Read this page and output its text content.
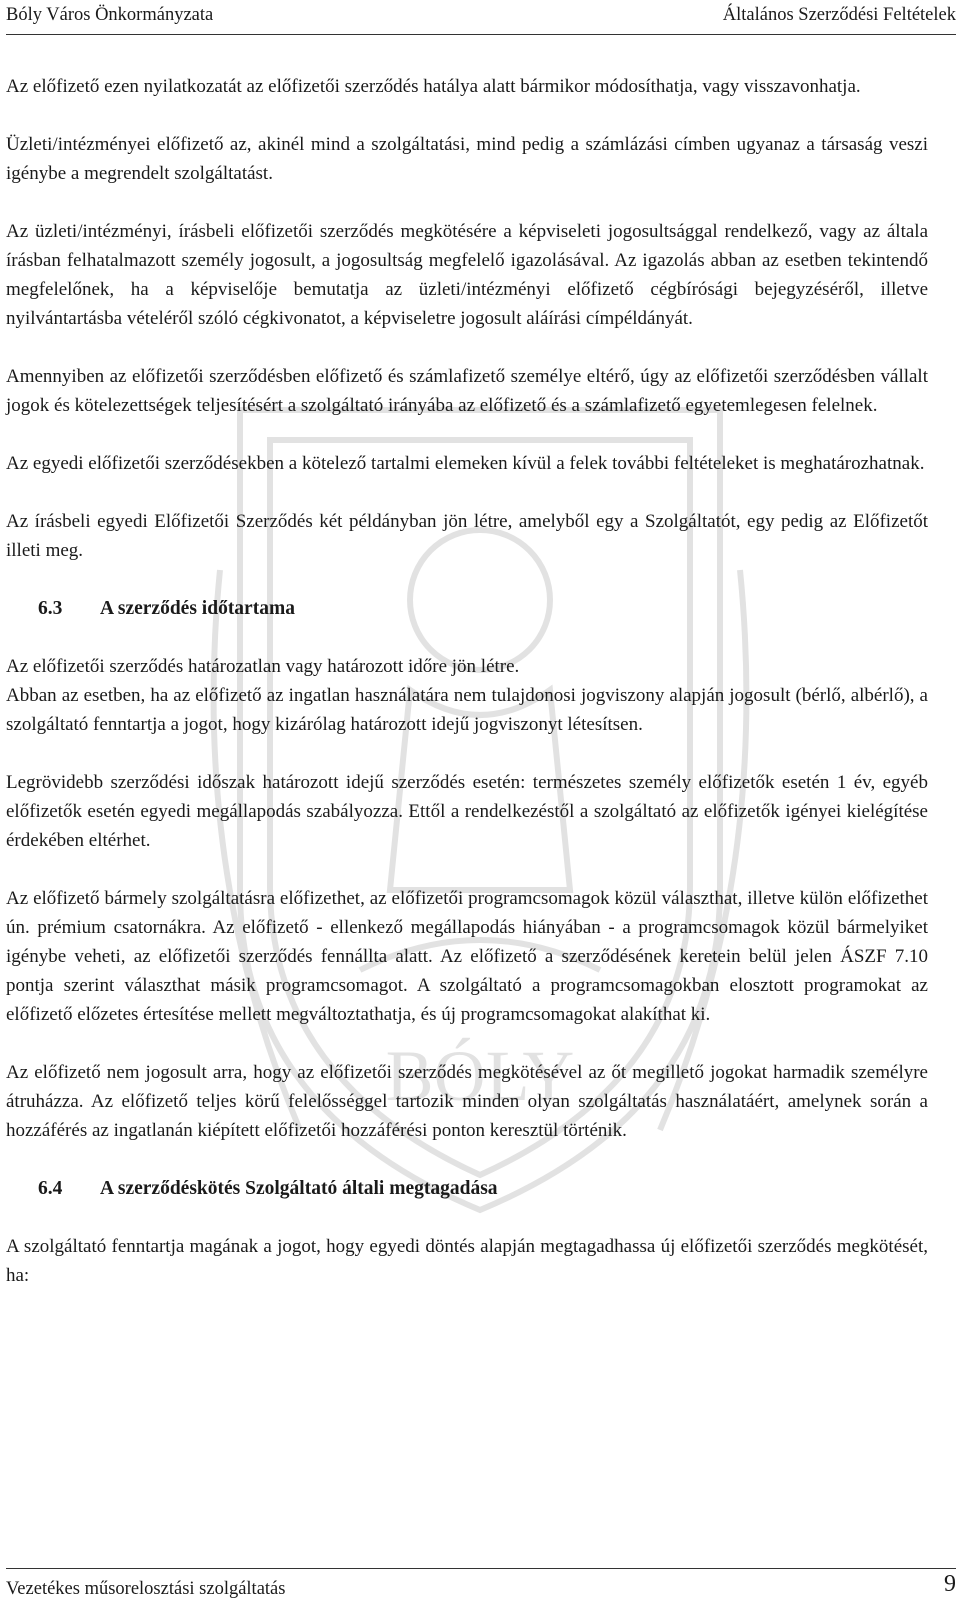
Bóly Város Önkormányzata	Általános Szerződési Feltételek
BÓLY

Az előfizető ezen nyilatkozatát az előfizetői szerződés hatálya alatt bármikor módosíthatja, vagy visszavonhatja.

Üzleti/intézményei előfizető az, akinél mind a szolgáltatási, mind pedig a számlázási címben ugyanaz a társaság veszi igénybe a megrendelt szolgáltatást.

Az üzleti/intézményi, írásbeli előfizetői szerződés megkötésére a képviseleti jogosultsággal rendelkező, vagy az általa írásban felhatalmazott személy jogosult, a jogosultság megfelelő igazolásával. Az igazolás abban az esetben tekintendő megfelelőnek, ha a képviselője bemutatja az üzleti/intézményi előfizető cégbírósági bejegyzéséről, illetve nyilvántartásba vételéről szóló cégkivonatot, a képviseletre jogosult aláírási címpéldányát.

Amennyiben az előfizetői szerződésben előfizető és számlafizető személye eltérő, úgy az előfizetői szerződésben vállalt jogok és kötelezettségek teljesítésért a szolgáltató irányába az előfizető és a számlafizető egyetemlegesen felelnek.

Az egyedi előfizetői szerződésekben a kötelező tartalmi elemeken kívül a felek további feltételeket is meghatározhatnak.

Az írásbeli egyedi Előfizetői Szerződés két példányban jön létre, amelyből egy a Szolgáltatót, egy pedig az Előfizetőt illeti meg.

6.3 A szerződés időtartama

Az előfizetői szerződés határozatlan vagy határozott időre jön létre.

Abban az esetben, ha az előfizető az ingatlan használatára nem tulajdonosi jogviszony alapján jogosult (bérlő, albérlő), a szolgáltató fenntartja a jogot, hogy kizárólag határozott idejű jogviszonyt létesítsen.

Legrövidebb szerződési időszak határozott idejű szerződés esetén: természetes személy előfizetők esetén 1 év, egyéb előfizetők esetén egyedi megállapodás szabályozza. Ettől a rendelkezéstől a szolgáltató az előfizetők igényei kielégítése érdekében eltérhet.

Az előfizető bármely szolgáltatásra előfizethet, az előfizetői programcsomagok közül választhat, illetve külön előfizethet ún. prémium csatornákra. Az előfizető - ellenkező megállapodás hiányában - a programcsomagok közül bármelyiket igénybe veheti, az előfizetői szerződés fennállta alatt. Az előfizető a szerződésének keretein belül jelen ÁSZF 7.10 pontja szerint választhat másik programcsomagot. A szolgáltató a programcsomagokban elosztott programokat az előfizető előzetes értesítése mellett megváltoztathatja, és új programcsomagokat alakíthat ki.

Az előfizető nem jogosult arra, hogy az előfizetői szerződés megkötésével az őt megillető jogokat harmadik személyre átruházza. Az előfizető teljes körű felelősséggel tartozik minden olyan szolgáltatás használatáért, amelynek során a hozzáférés az ingatlanán kiépített előfizetői hozzáférési ponton keresztül történik.

6.4 A szerződéskötés Szolgáltató általi megtagadása

A szolgáltató fenntartja magának a jogot, hogy egyedi döntés alapján megtagadhassa új előfizetői szerződés megkötését, ha:

Vezetékes műsorelosztási szolgáltatás	9
